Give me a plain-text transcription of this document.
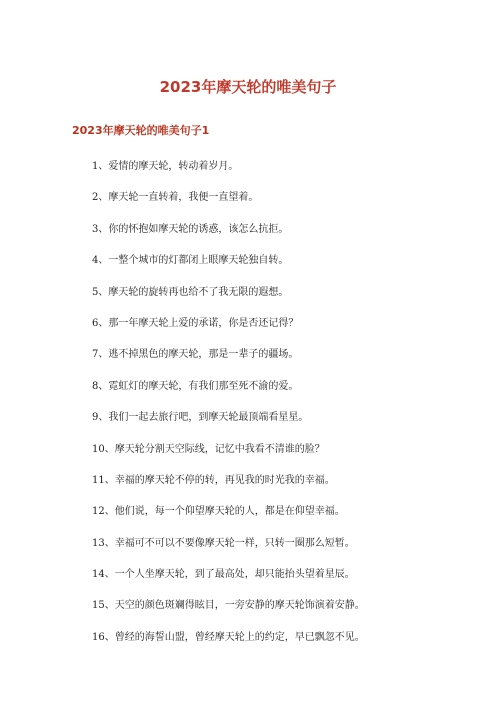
2023年摩天轮的唯美句子
2023年摩天轮的唯美句子1
1、爱情的摩天轮，转动着岁月。
2、摩天轮一直转着，我便一直望着。
3、你的怀抱如摩天轮的诱惑，该怎么抗拒。
4、一整个城市的灯都闭上眼摩天轮独自转。
5、摩天轮的旋转再也给不了我无限的遐想。
6、那一年摩天轮上爱的承诺，你是否还记得？
7、逃不掉黑色的摩天轮，那是一辈子的疆场。
8、霓虹灯的摩天轮，有我们那至死不渝的爱。
9、我们一起去旅行吧，到摩天轮最顶端看星星。
10、摩天轮分割天空际线，记忆中我看不清谁的脸？
11、幸福的摩天轮不停的转，再见我的时光我的幸福。
12、他们说，每一个仰望摩天轮的人，都是在仰望幸福。
13、幸福可不可以不要像摩天轮一样，只转一圈那么短暂。
14、一个人坐摩天轮，到了最高处，却只能抬头望着星辰。
15、天空的颜色斑斓得眩目，一旁安静的摩天轮饰演着安静。
16、曾经的海誓山盟，曾经摩天轮上的约定，早已飘忽不见。
